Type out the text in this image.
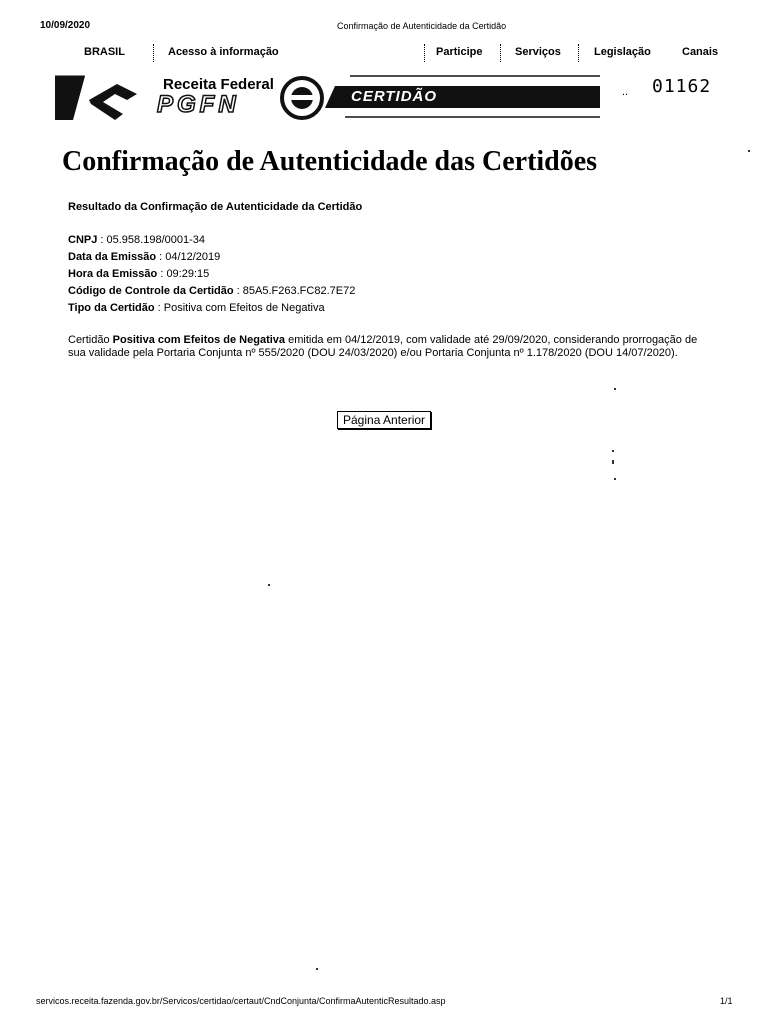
10/09/2020	Confirmação de Autenticidade da Certidão
BRASIL	Acesso à informação	Participe	Serviços	Legislação	Canais
Receita Federal
PGFN	CERTIDÃO	.. 01162
Confirmação de Autenticidade das Certidões
Resultado da Confirmação de Autenticidade da Certidão
CNPJ : 05.958.198/0001-34
Data da Emissão : 04/12/2019
Hora da Emissão : 09:29:15
Código de Controle da Certidão : 85A5.F263.FC82.7E72
Tipo da Certidão : Positiva com Efeitos de Negativa
Certidão Positiva com Efeitos de Negativa emitida em 04/12/2019, com validade até 29/09/2020, considerando prorrogação de sua validade pela Portaria Conjunta nº 555/2020 (DOU 24/03/2020) e/ou Portaria Conjunta nº 1.178/2020 (DOU 14/07/2020).
Página Anterior
servicos.receita.fazenda.gov.br/Servicos/certidao/certaut/CndConjunta/ConfirmaAutenticResultado.asp	1/1
